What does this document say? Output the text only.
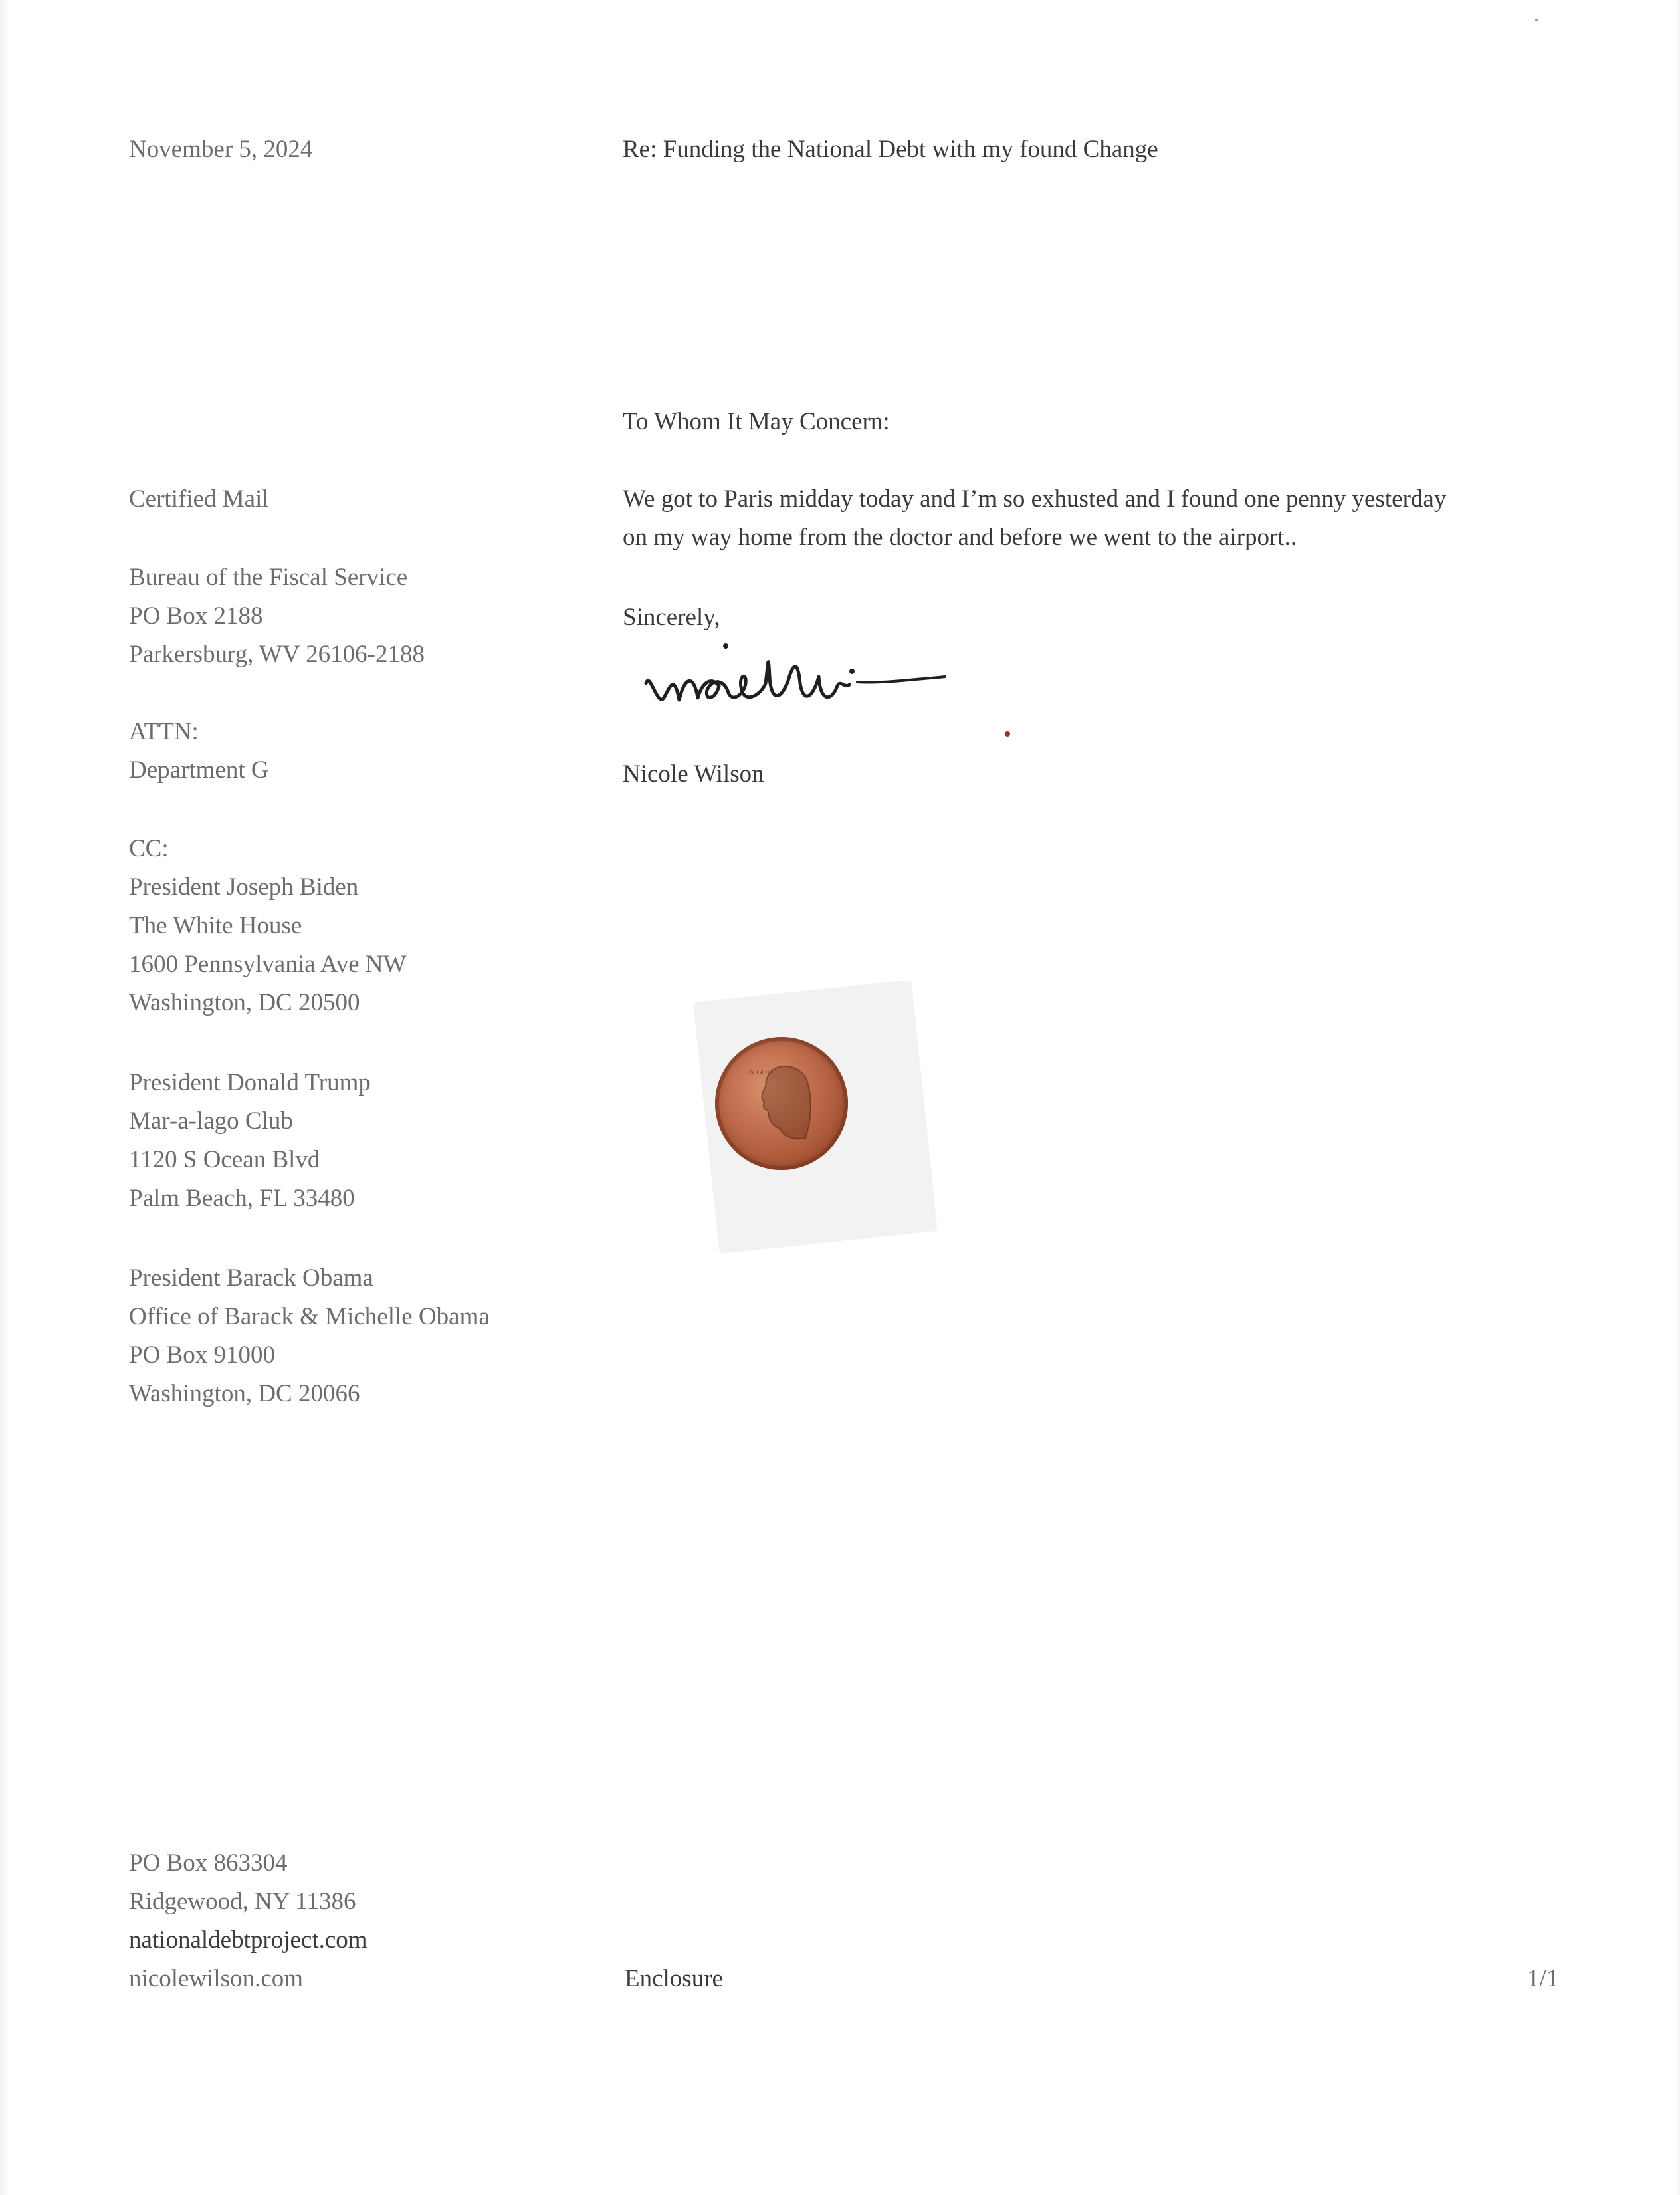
November 5, 2024	Re: Funding the National Debt with my found Change
To Whom It May Concern:
We got to Paris midday today and I’m so exhusted and I found one penny yesterday
on my way home from the doctor and before we went to the airport..
Sincerely,
Nicole Wilson
Certified Mail
Bureau of the Fiscal Service
PO Box 2188
Parkersburg, WV 26106-2188
ATTN:
Department G
CC:
President Joseph Biden
The White House
1600 Pennsylvania Ave NW
Washington, DC 20500
President Donald Trump
Mar-a-lago Club
1120 S Ocean Blvd
Palm Beach, FL 33480
President Barack Obama
Office of Barack & Michelle Obama
PO Box 91000
Washington, DC 20066
IN GOD
PO Box 863304
Ridgewood, NY 11386
nationaldebtproject.com
nicolewilson.com	Enclosure	1/1
